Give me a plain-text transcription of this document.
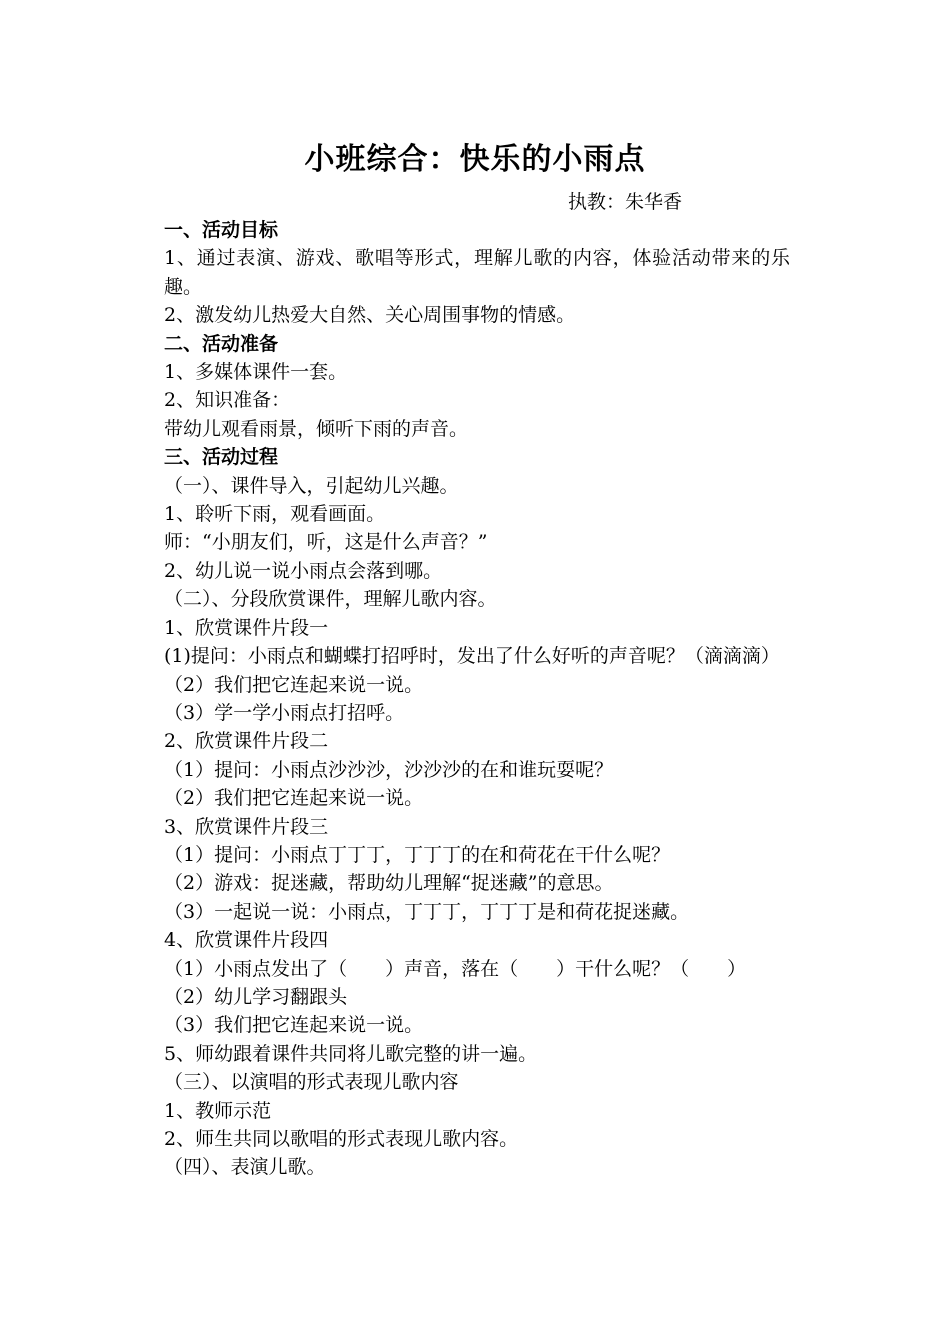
小班综合：快乐的小雨点
执教：朱华香
一、活动目标
1、通过表演、游戏、歌唱等形式，理解儿歌的内容，体验活动带来的乐趣。
2、激发幼儿热爱大自然、关心周围事物的情感。
二、活动准备
1、多媒体课件一套。
2、知识准备：
带幼儿观看雨景，倾听下雨的声音。
三、活动过程
（一）、课件导入，引起幼儿兴趣。
1、聆听下雨，观看画面。
师：“小朋友们，听，这是什么声音？”
2、幼儿说一说小雨点会落到哪。
（二）、分段欣赏课件，理解儿歌内容。
1、欣赏课件片段一
(1)提问：小雨点和蝴蝶打招呼时，发出了什么好听的声音呢？（滴滴滴）
（2）我们把它连起来说一说。
（3）学一学小雨点打招呼。
2、欣赏课件片段二
（1）提问：小雨点沙沙沙，沙沙沙的在和谁玩耍呢？
（2）我们把它连起来说一说。
3、欣赏课件片段三
（1）提问：小雨点丁丁丁，丁丁丁的在和荷花在干什么呢？
（2）游戏：捉迷藏，帮助幼儿理解“捉迷藏”的意思。
（3）一起说一说：小雨点，丁丁丁，丁丁丁是和荷花捉迷藏。
4、欣赏课件片段四
（1）小雨点发出了（　　）声音，落在（　　）干什么呢？（　　）
（2）幼儿学习翻跟头
（3）我们把它连起来说一说。
5、师幼跟着课件共同将儿歌完整的讲一遍。
（三）、以演唱的形式表现儿歌内容
1、教师示范
2、师生共同以歌唱的形式表现儿歌内容。
（四）、表演儿歌。
